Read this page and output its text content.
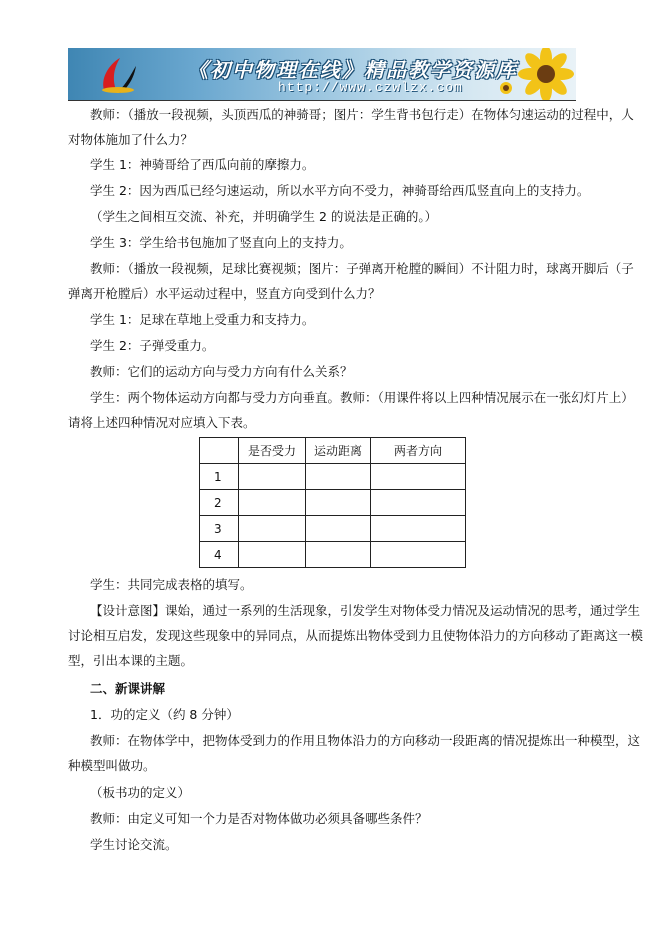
《初中物理在线》精品教学资源库
http://www.czwlzx.com
教师：（播放一段视频，头顶西瓜的神骑哥；图片：学生背书包行走）在物体匀速运动的过程中，人
对物体施加了什么力？
学生 1：神骑哥给了西瓜向前的摩擦力。
学生 2：因为西瓜已经匀速运动，所以水平方向不受力，神骑哥给西瓜竖直向上的支持力。
（学生之间相互交流、补充，并明确学生 2 的说法是正确的。）
学生 3：学生给书包施加了竖直向上的支持力。
教师：（播放一段视频，足球比赛视频；图片：子弹离开枪膛的瞬间）不计阻力时，球离开脚后（子
弹离开枪膛后）水平运动过程中，竖直方向受到什么力？
学生 1：足球在草地上受重力和支持力。
学生 2：子弹受重力。
教师：它们的运动方向与受力方向有什么关系？
学生：两个物体运动方向都与受力方向垂直。教师：（用课件将以上四种情况展示在一张幻灯片上）
请将上述四种情况对应填入下表。
	是否受力	运动距离	两者方向
1			
2			
3			
4			
学生：共同完成表格的填写。
【设计意图】课始，通过一系列的生活现象，引发学生对物体受力情况及运动情况的思考，通过学生
讨论相互启发，发现这些现象中的异同点，从而提炼出物体受到力且使物体沿力的方向移动了距离这一模
型，引出本课的主题。
二、新课讲解
1．功的定义（约 8 分钟）
教师：在物体学中，把物体受到力的作用且物体沿力的方向移动一段距离的情况提炼出一种模型，这
种模型叫做功。
（板书功的定义）
教师：由定义可知一个力是否对物体做功必须具备哪些条件？
学生讨论交流。
